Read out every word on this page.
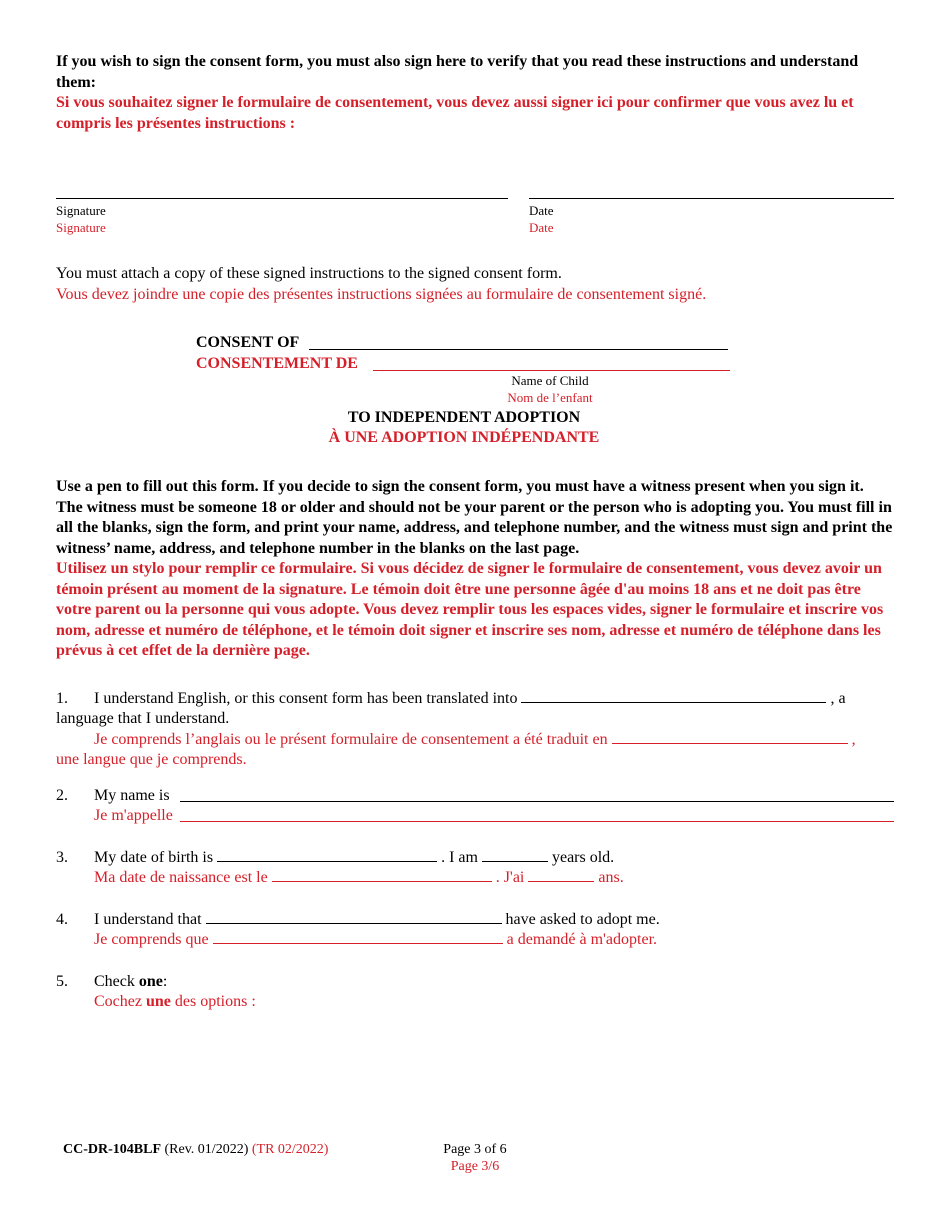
If you wish to sign the consent form, you must also sign here to verify that you read these instructions and understand them:
Si vous souhaitez signer le formulaire de consentement, vous devez aussi signer ici pour confirmer que vous avez lu et compris les présentes instructions :
Signature
Signature
Date
Date
You must attach a copy of these signed instructions to the signed consent form.
Vous devez joindre une copie des présentes instructions signées au formulaire de consentement signé.
CONSENT OF
CONSENTEMENT DE
Name of Child
Nom de l’enfant
TO INDEPENDENT ADOPTION
À UNE ADOPTION INDÉPENDANTE
Use a pen to fill out this form. If you decide to sign the consent form, you must have a witness present when you sign it. The witness must be someone 18 or older and should not be your parent or the person who is adopting you. You must fill in all the blanks, sign the form, and print your name, address, and telephone number, and the witness must sign and print the witness’ name, address, and telephone number in the blanks on the last page.
Utilisez un stylo pour remplir ce formulaire. Si vous décidez de signer le formulaire de consentement, vous devez avoir un témoin présent au moment de la signature. Le témoin doit être une personne âgée d'au moins 18 ans et ne doit pas être votre parent ou la personne qui vous adopte. Vous devez remplir tous les espaces vides, signer le formulaire et inscrire vos nom, adresse et numéro de téléphone, et le témoin doit signer et inscrire ses nom, adresse et numéro de téléphone dans les prévus à cet effet de la dernière page.
1. I understand English, or this consent form has been translated into	, a
language that I understand.
Je comprends l’anglais ou le présent formulaire de consentement a été traduit en	,
une langue que je comprends.
2. My name is
Je m'appelle
3. My date of birth is	. I am	years old.
Ma date de naissance est le	. J'ai	ans.
4. I understand that	have asked to adopt me.
Je comprends que	a demandé à m'adopter.
5. Check one:
Cochez une des options :
CC-DR-104BLF (Rev. 01/2022) (TR 02/2022)	Page 3 of 6
Page 3/6
